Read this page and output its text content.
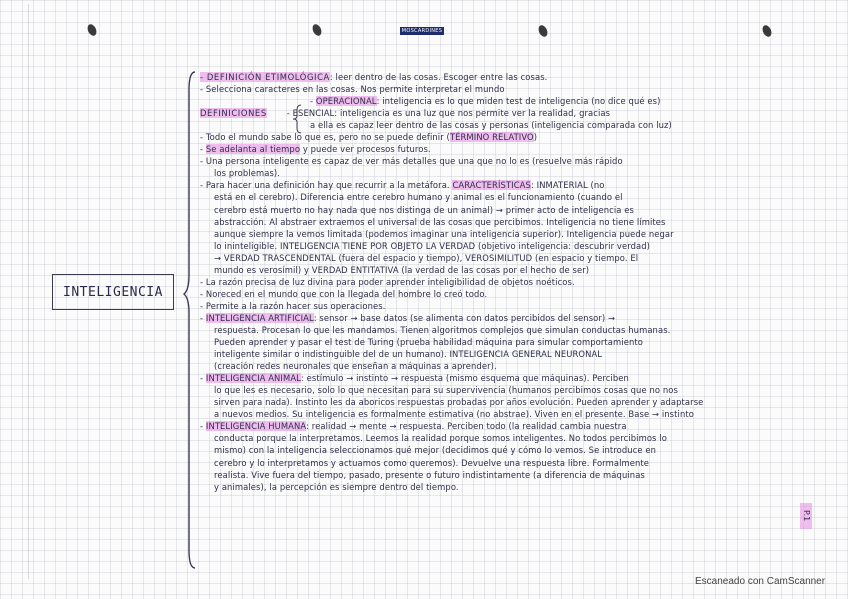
MOSCARDINES
INTELIGENCIA
- DEFINICIÓN ETIMOLÓGICA: leer dentro de las cosas. Escoger entre las cosas.
- Selecciona caracteres en las cosas. Nos permite interpretar el mundo
- OPERACIONAL: inteligencia es lo que miden test de inteligencia (no dice qué es)
DEFINICIONES - ESENCIAL: inteligencia es una luz que nos permite ver la realidad, gracias
a ella es capaz leer dentro de las cosas y personas (inteligencia comparada con luz)
- Todo el mundo sabe lo que es, pero no se puede definir (TÉRMINO RELATIVO)
- Se adelanta al tiempo y puede ver procesos futuros.
- Una persona inteligente es capaz de ver más detalles que una que no lo es (resuelve más rápido
los problemas).
- Para hacer una definición hay que recurrir a la metáfora. CARACTERÍSTICAS: INMATERIAL (no
está en el cerebro). Diferencia entre cerebro humano y animal es el funcionamiento (cuando el
cerebro está muerto no hay nada que nos distinga de un animal) → primer acto de inteligencia es
abstracción. Al abstraer extraemos el universal de las cosas que percibimos. Inteligencia no tiene límites
aunque siempre la vemos limitada (podemos imaginar una inteligencia superior). Inteligencia puede negar
lo ininteligible. INTELIGENCIA TIENE POR OBJETO LA VERDAD (objetivo inteligencia: descubrir verdad)
→ VERDAD TRASCENDENTAL (fuera del espacio y tiempo), VEROSIMILITUD (en espacio y tiempo. El
mundo es verosímil) y VERDAD ENTITATIVA (la verdad de las cosas por el hecho de ser)
- La razón precisa de luz divina para poder aprender inteligibilidad de objetos noéticos.
- Noreced en el mundo que con la llegada del hombre lo creó todo.
- Permite a la razón hacer sus operaciones.
- INTELIGENCIA ARTIFICIAL: sensor → base datos (se alimenta con datos percibidos del sensor) →
respuesta. Procesan lo que les mandamos. Tienen algoritmos complejos que simulan conductas humanas.
Pueden aprender y pasar el test de Turing (prueba habilidad máquina para simular comportamiento
inteligente similar o indistinguible del de un humano). INTELIGENCIA GENERAL NEURONAL
(creación redes neuronales que enseñan a máquinas a aprender).
- INTELIGENCIA ANIMAL: estímulo → instinto → respuesta (mismo esquema que máquinas). Perciben
lo que les es necesario, solo lo que necesitan para su supervivencia (humanos percibimos cosas que no nos
sirven para nada). Instinto les da aboricos respuestas probadas por años evolución. Pueden aprender y adaptarse
a nuevos medios. Su inteligencia es formalmente estimativa (no abstrae). Viven en el presente. Base → instinto
- INTELIGENCIA HUMANA: realidad → mente → respuesta. Perciben todo (la realidad cambia nuestra
conducta porque la interpretamos. Leemos la realidad porque somos inteligentes. No todos percibimos lo
mismo) con la inteligencia seleccionamos qué mejor (decidimos qué y cómo lo vemos. Se introduce en
cerebro y lo interpretamos y actuamos como queremos). Devuelve una respuesta libre. Formalmente
realista. Vive fuera del tiempo, pasado, presente o futuro indistintamente (a diferencia de máquinas
y animales), la percepción es siempre dentro del tiempo.
P.1
Escaneado con CamScanner
